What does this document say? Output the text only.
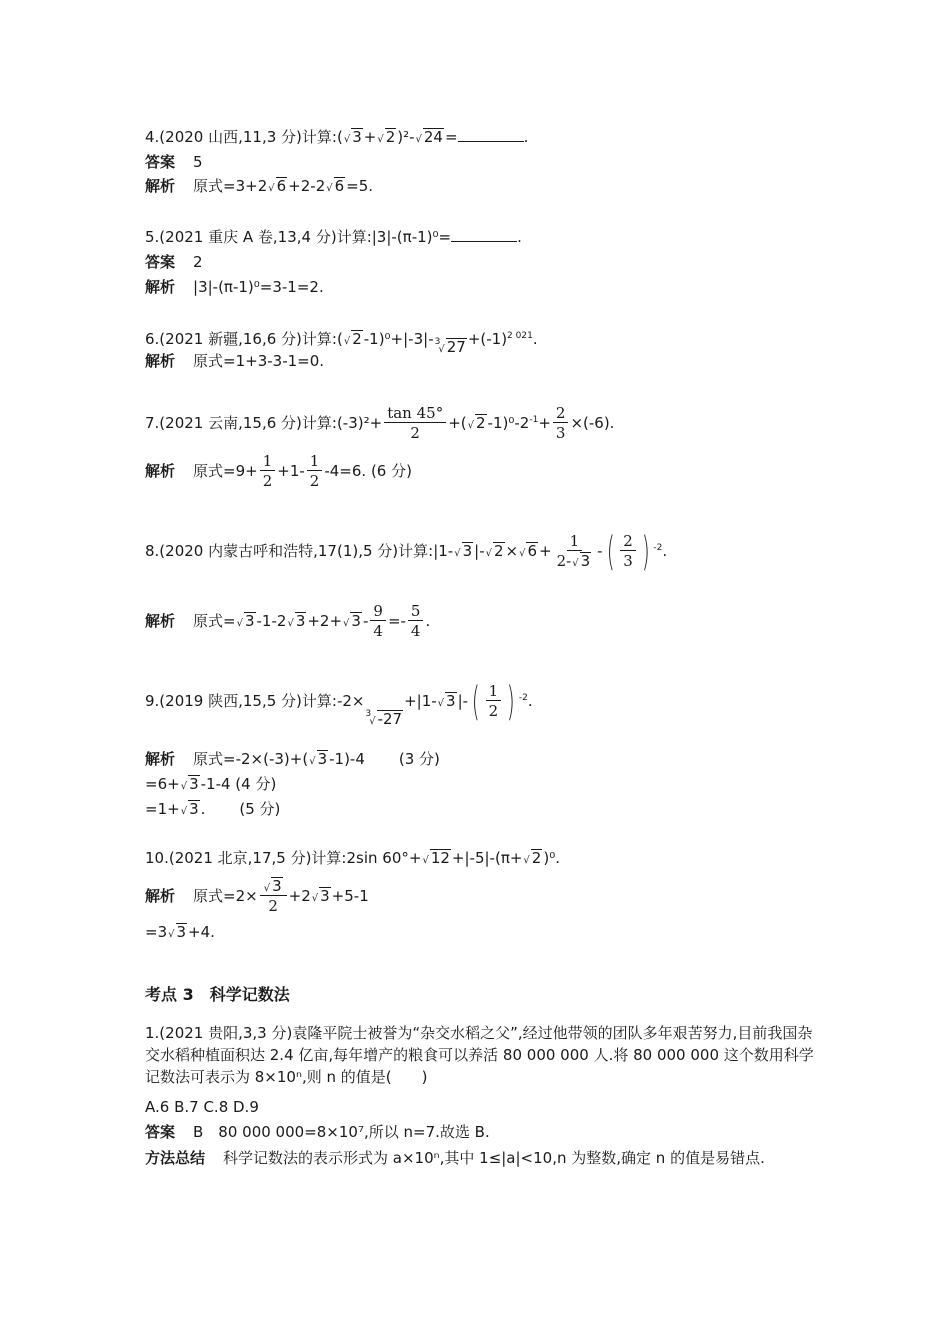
4.(2020 山西,11,3 分)计算:( √ 3 + √ 2 )²- √ 24 =	.
答案 5
解析 原式=3+2 √ 6 +2-2 √ 6 =5.
5.(2021 重庆 A 卷,13,4 分)计算:|3|-(π-1)⁰=	.
答案 2
解析 |3|-(π-1)⁰=3-1=2.
6.(2021 新疆,16,6 分)计算:( √ 2 -1)⁰+|-3|- 3
√ $27 +(-1)^{2 021}$.
解析 原式=1+3-3-1=0.
7.(2021 云南,15,6 分)计算:(-3)²+ $\frac{\tan 45^\circ}{2}$ +( √ 2 $-1)^0-2^{-1}+ \frac{2}{3} \times(-6)$.
解析 原式$=9+ \frac{1}{2} +1- \frac{1}{2} -4=6$. (6 分)
8.(2020 内蒙古呼和浩特,17(1),5 分)计算:|1- √ 3 |- √ 2 × √ $6 + \frac{1}{2- √ 3}$ - ( $\frac{2}{3}$ ) $^{-2}$.
解析 原式= √ 3 -1-2 √ 3 +2+ √ $3 - \frac{9}{4} =- \frac{5}{4}$ .
9.(2019 陕西,15,5 分)计算:-2×
3
√ -27
+|1- √ 3 |- ( $\frac{1}{2}$ ) $^{-2}$.
解析 原式=-2×(-3)+( √ 3 -1)-4 (3 分)
=6+ √ 3 -1-4 (4 分)
=1+ √ 3 . (5 分)
10.(2021 北京,17,5 分)计算:2sin 60°+ √ 12 +|-5|-(π+ √ 2 )⁰.
解析 原式$=2\times \frac{√ 3}{2} +2$ √ 3 +5-1
=3 √ 3 +4.
考点 3　科学记数法
1.(2021 贵阳,3,3 分)袁隆平院士被誉为“杂交水稻之父”,经过他带领的团队多年艰苦努力,目前我国杂交水稻种植面积达 2.4 亿亩,每年增产的粮食可以养活 80 000 000 人.将 80 000 000 这个数用科学记数法可表示为 8×10ⁿ,则 n 的值是(　　)
A.6 B.7 C.8 D.9
答案 B　80 000 000=8×10⁷,所以 n=7.故选 B.
方法总结 科学记数法的表示形式为 a×10ⁿ,其中 1≤|a|<10,n 为整数,确定 n 的值是易错点.
